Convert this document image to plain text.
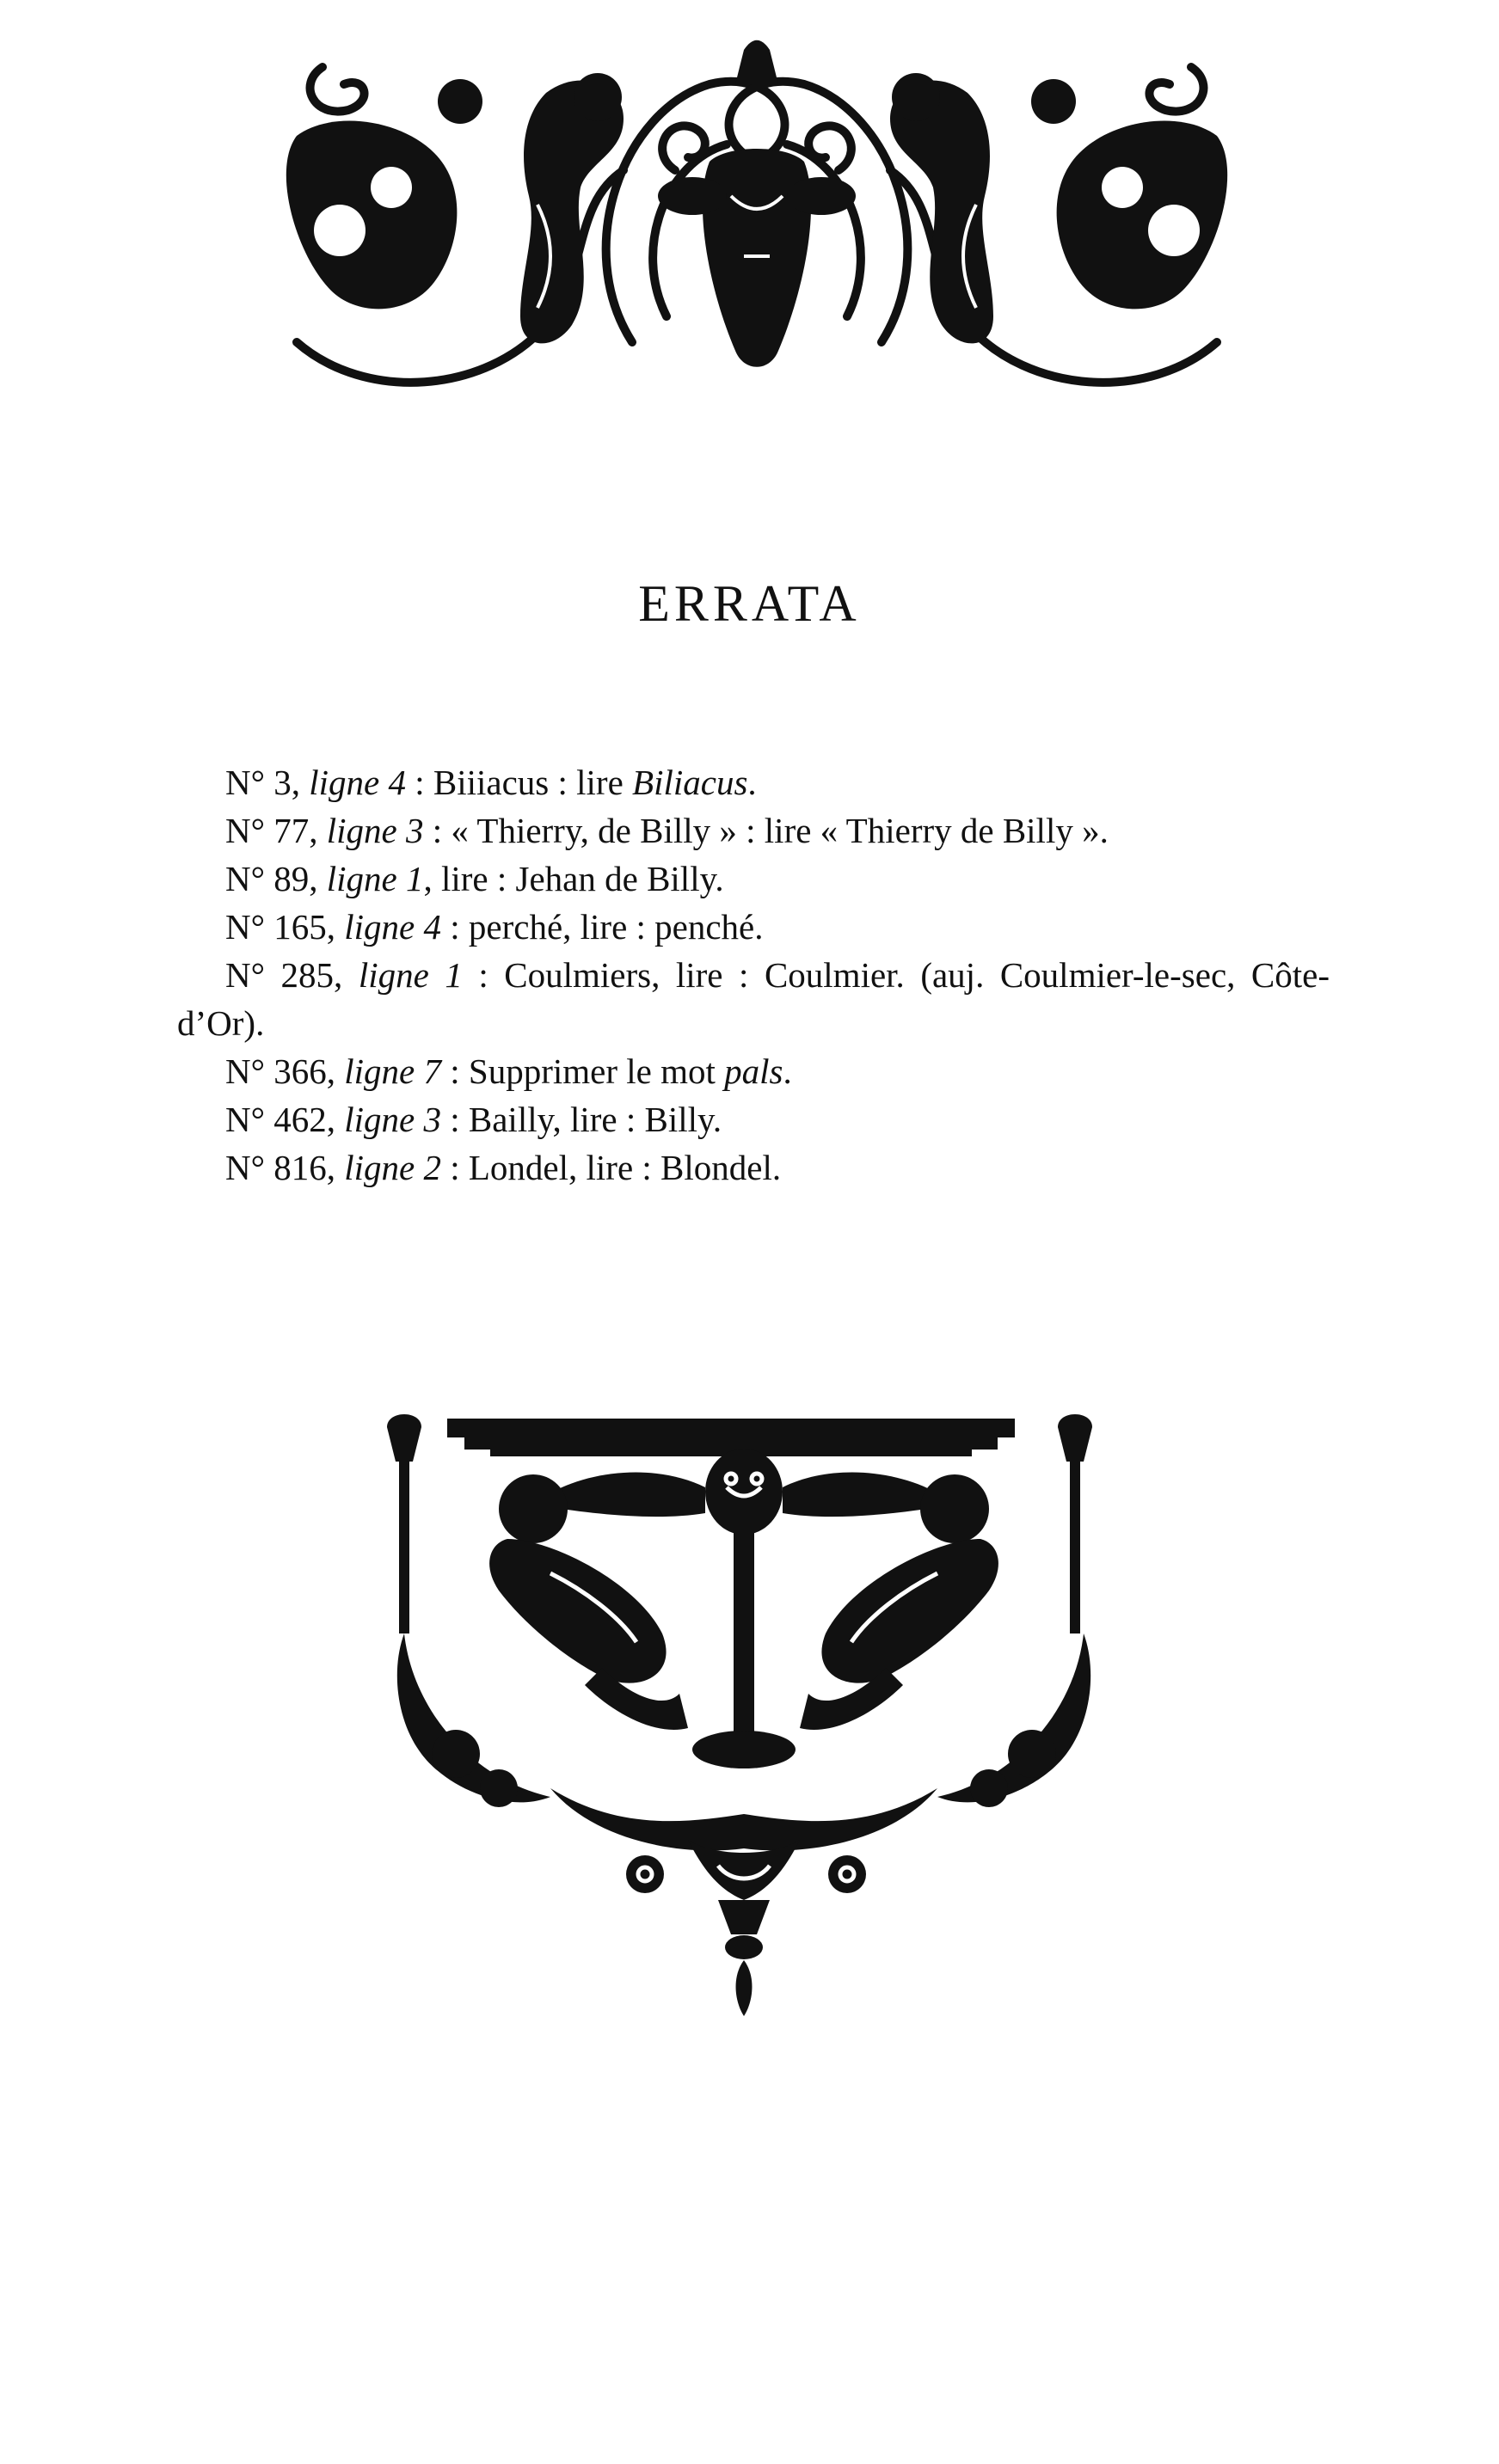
ERRATA
N° 3, ligne 4 : Biiiacus : lire Biliacus.
N° 77, ligne 3 : « Thierry, de Billy » : lire « Thierry de Billy ».
N° 89, ligne 1, lire : Jehan de Billy.
N° 165, ligne 4 : perché, lire : penché.
N° 285, ligne 1 : Coulmiers, lire : Coulmier. (auj. Coulmier-le-sec, Côte-d’Or).
N° 366, ligne 7 : Supprimer le mot pals.
N° 462, ligne 3 : Bailly, lire : Billy.
N° 816, ligne 2 : Londel, lire : Blondel.
